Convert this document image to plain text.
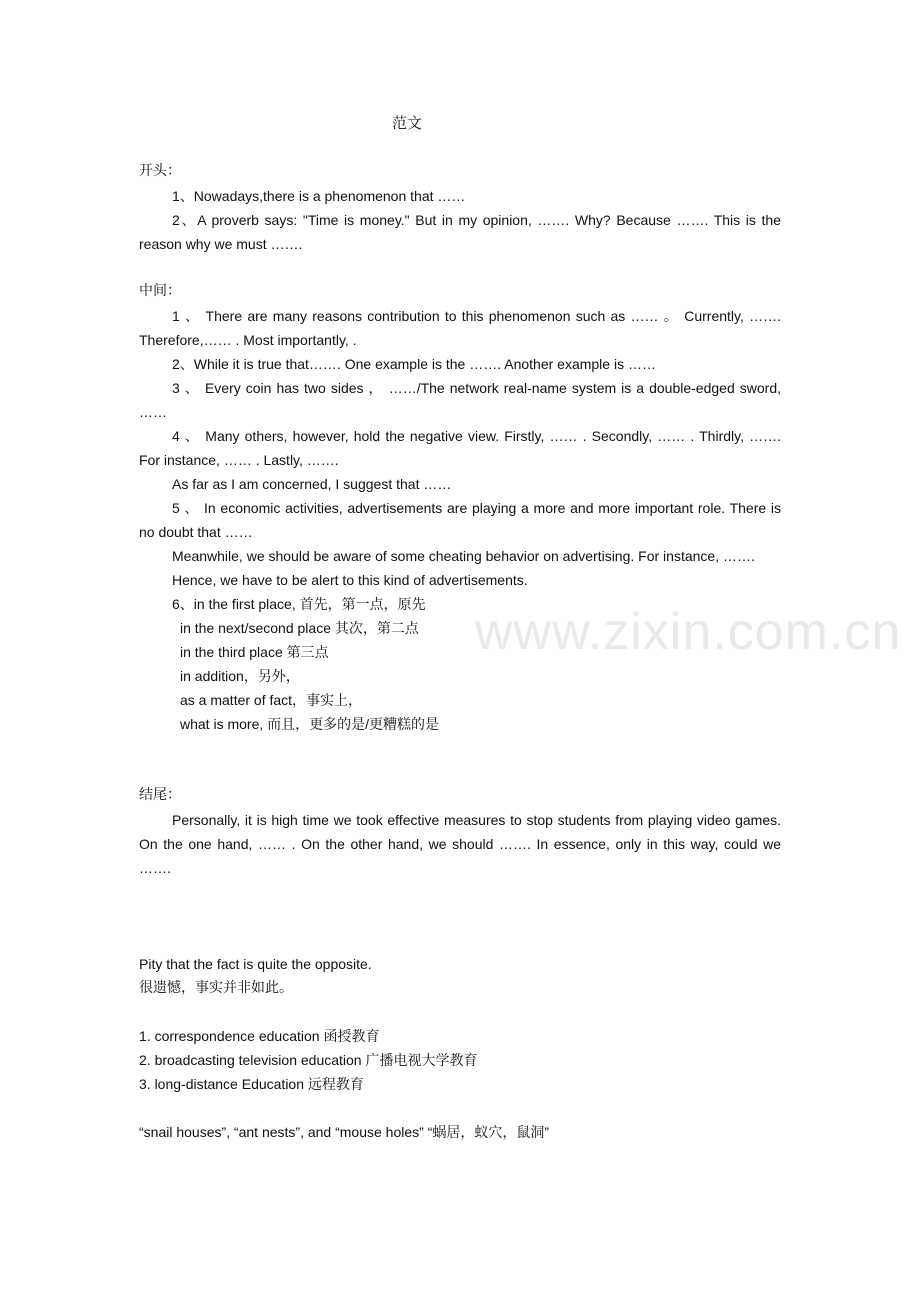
范文
www.zixin.com.cn
开头：
1、Nowadays,there is a phenomenon that ……
2、A proverb says: "Time is money." But in my opinion, ……. Why? Because ……. This is the reason why we must …….
中间：
1 、 There are many reasons contribution to this phenomenon such as …… 。 Currently, ……. Therefore,…… . Most importantly, .
2、While it is true that……. One example is the ……. Another example is ……
3 、 Every coin has two sides ， ……/The network real-name system is a double-edged sword, ……
4 、 Many others, however, hold the negative view. Firstly, …… . Secondly, …… . Thirdly, ……. For instance, …… . Lastly, …….
As far as I am concerned, I suggest that ……
5 、 In economic activities, advertisements are playing a more and more important role. There is no doubt that ……
Meanwhile, we should be aware of some cheating behavior on advertising. For instance, …….
Hence, we have to be alert to this kind of advertisements.
6、in the first place, 首先，第一点，原先
in the next/second place 其次，第二点
in the third place 第三点
in addition，另外，
as a matter of fact，事实上，
what is more, 而且，更多的是/更糟糕的是
结尾：
Personally, it is high time we took effective measures to stop students from playing video games. On the one hand, …… . On the other hand, we should ……. In essence, only in this way, could we …….
Pity that the fact is quite the opposite.
很遗憾，事实并非如此。
1. correspondence education 函授教育
2. broadcasting television education 广播电视大学教育
3. long-distance Education 远程教育
“snail houses”, “ant nests”, and “mouse holes” “蜗居，蚁穴，鼠洞”
